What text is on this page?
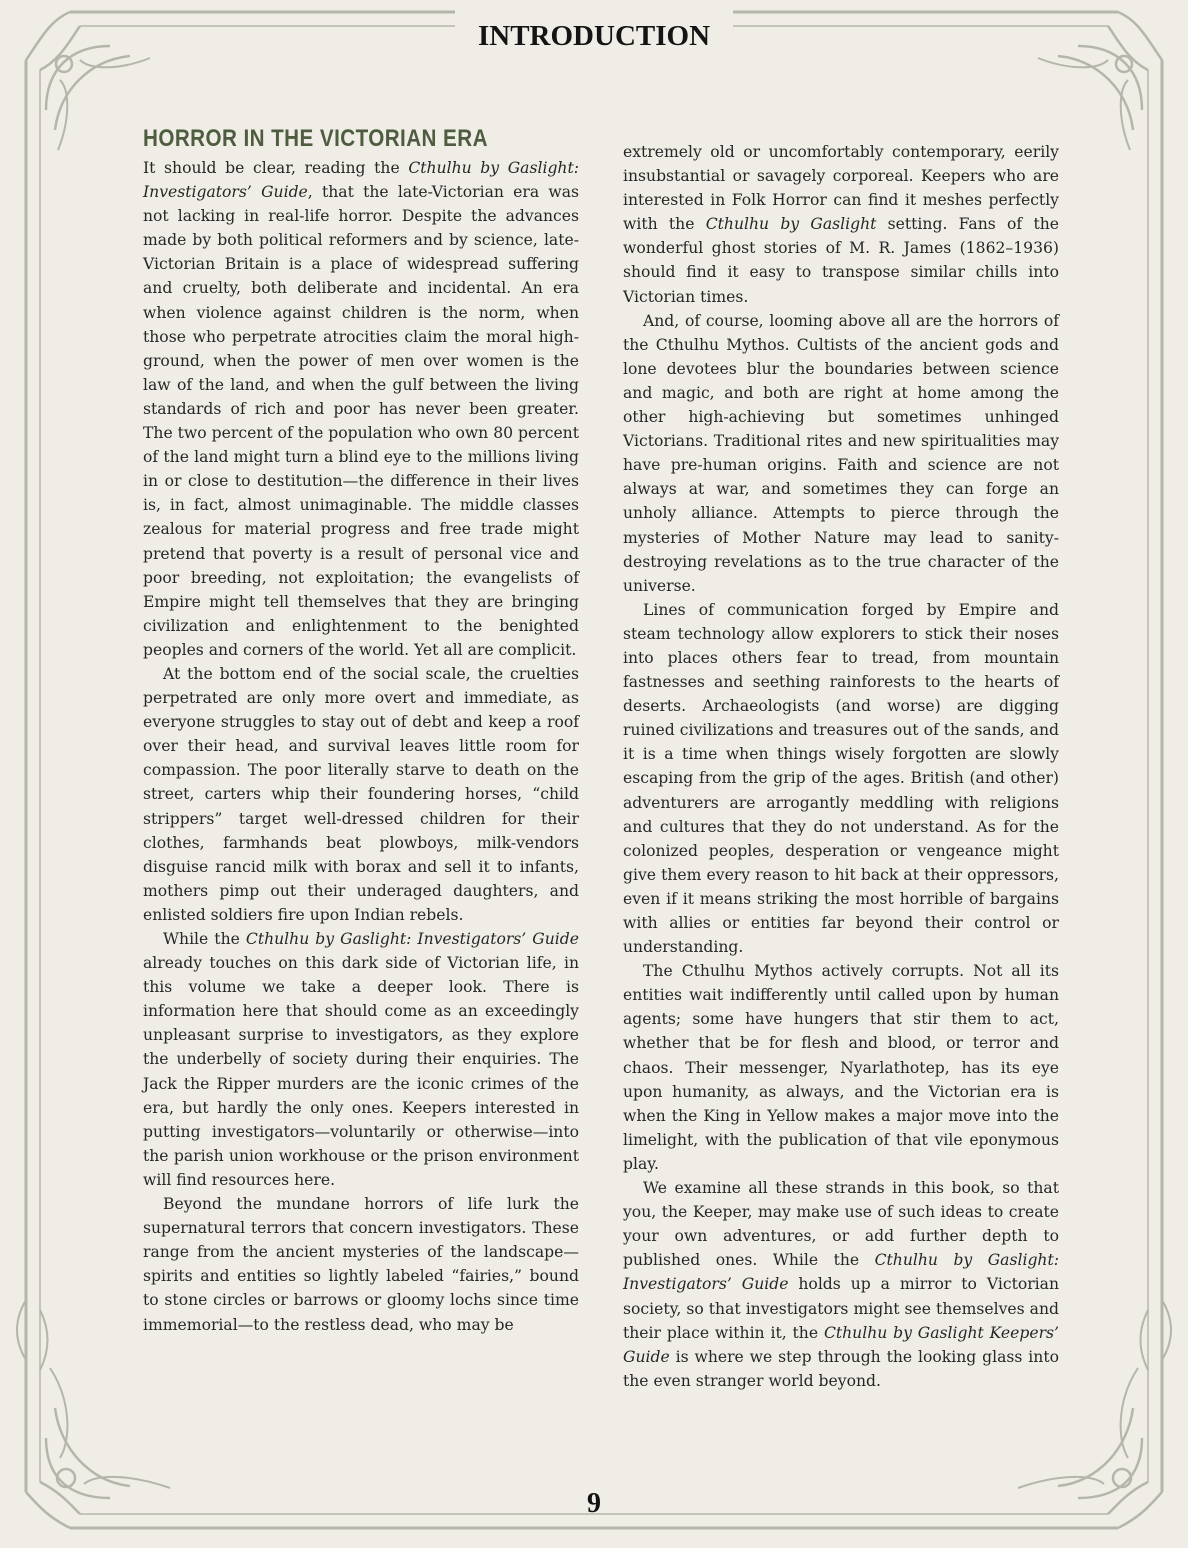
INTRODUCTION
HORROR IN THE VICTORIAN ERA

It should be clear, reading the Cthulhu by Gaslight: Investigators’ Guide, that the late-Victorian era was not lacking in real-life horror. Despite the advances made by both political reformers and by science, late-Victorian Britain is a place of widespread suffering and cruelty, both deliberate and incidental. An era when violence against children is the norm, when those who perpetrate atrocities claim the moral high-ground, when the power of men over women is the law of the land, and when the gulf between the living standards of rich and poor has never been greater. The two percent of the population who own 80 percent of the land might turn a blind eye to the millions living in or close to destitution—the difference in their lives is, in fact, almost unimaginable. The middle classes zealous for material progress and free trade might pretend that poverty is a result of personal vice and poor breeding, not exploitation; the evangelists of Empire might tell themselves that they are bringing civilization and enlightenment to the benighted peoples and corners of the world. Yet all are complicit.

At the bottom end of the social scale, the cruelties perpetrated are only more overt and immediate, as everyone struggles to stay out of debt and keep a roof over their head, and survival leaves little room for compassion. The poor literally starve to death on the street, carters whip their foundering horses, “child strippers” target well-dressed children for their clothes, farmhands beat plowboys, milk-vendors disguise rancid milk with borax and sell it to infants, mothers pimp out their underaged daughters, and enlisted soldiers fire upon Indian rebels.

While the Cthulhu by Gaslight: Investigators’ Guide already touches on this dark side of Victorian life, in this volume we take a deeper look. There is information here that should come as an exceedingly unpleasant surprise to investigators, as they explore the underbelly of society during their enquiries. The Jack the Ripper murders are the iconic crimes of the era, but hardly the only ones. Keepers interested in putting investigators—voluntarily or otherwise—into the parish union workhouse or the prison environment will find resources here.

Beyond the mundane horrors of life lurk the supernatural terrors that concern investigators. These range from the ancient mysteries of the landscape—spirits and entities so lightly labeled “fairies,” bound to stone circles or barrows or gloomy lochs since time immemorial—to the restless dead, who may be

extremely old or uncomfortably contemporary, eerily insubstantial or savagely corporeal. Keepers who are interested in Folk Horror can find it meshes perfectly with the Cthulhu by Gaslight setting. Fans of the wonderful ghost stories of M. R. James (1862–1936) should find it easy to transpose similar chills into Victorian times.

And, of course, looming above all are the horrors of the Cthulhu Mythos. Cultists of the ancient gods and lone devotees blur the boundaries between science and magic, and both are right at home among the other high-achieving but sometimes unhinged Victorians. Traditional rites and new spiritualities may have pre-human origins. Faith and science are not always at war, and sometimes they can forge an unholy alliance. Attempts to pierce through the mysteries of Mother Nature may lead to sanity-destroying revelations as to the true character of the universe.

Lines of communication forged by Empire and steam technology allow explorers to stick their noses into places others fear to tread, from mountain fastnesses and seething rainforests to the hearts of deserts. Archaeologists (and worse) are digging ruined civilizations and treasures out of the sands, and it is a time when things wisely forgotten are slowly escaping from the grip of the ages. British (and other) adventurers are arrogantly meddling with religions and cultures that they do not understand. As for the colonized peoples, desperation or vengeance might give them every reason to hit back at their oppressors, even if it means striking the most horrible of bargains with allies or entities far beyond their control or understanding.

The Cthulhu Mythos actively corrupts. Not all its entities wait indifferently until called upon by human agents; some have hungers that stir them to act, whether that be for flesh and blood, or terror and chaos. Their messenger, Nyarlathotep, has its eye upon humanity, as always, and the Victorian era is when the King in Yellow makes a major move into the limelight, with the publication of that vile eponymous play.

We examine all these strands in this book, so that you, the Keeper, may make use of such ideas to create your own adventures, or add further depth to published ones. While the Cthulhu by Gaslight: Investigators’ Guide holds up a mirror to Victorian society, so that investigators might see themselves and their place within it, the Cthulhu by Gaslight Keepers’ Guide is where we step through the looking glass into the even stranger world beyond.

9
